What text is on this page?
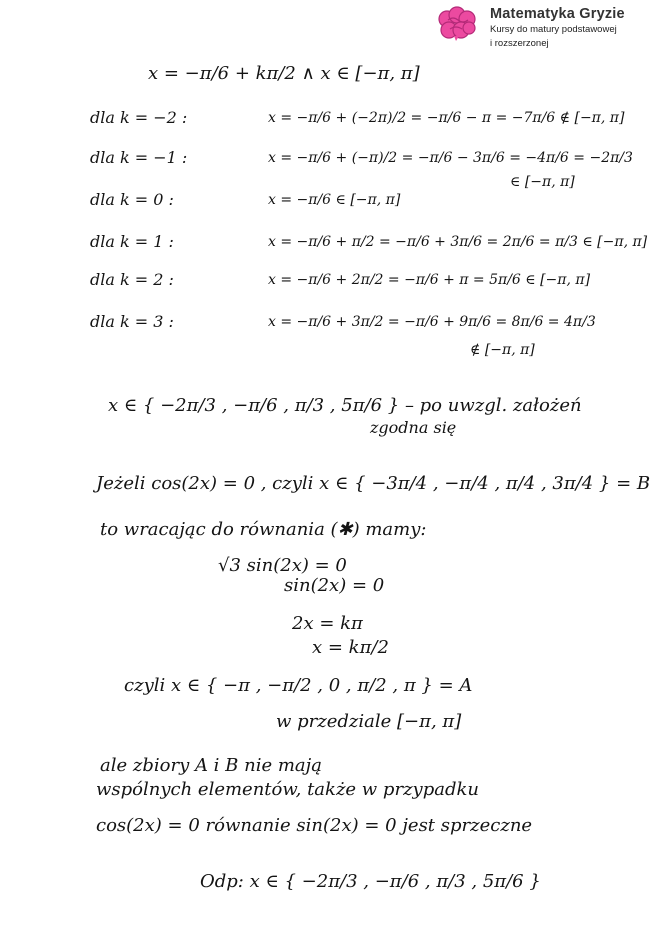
Matematyka Gryzie
Kursy do matury podstawowej
i rozszerzonej

x = −π/6 + kπ/2 ∧ x ∈ [−π, π]

dla k = −2 :	x = −π/6 + (−2π)/2 = −π/6 − π = −7π/6 ∉ [−π, π]

dla k = −1 :	x = −π/6 + (−π)/2 = −π/6 − 3π/6 = −4π/6 = −2π/3

∈ [−π, π]

dla k = 0 :	x = −π/6 ∈ [−π, π]

dla k = 1 :	x = −π/6 + π/2 = −π/6 + 3π/6 = 2π/6 = π/3 ∈ [−π, π]

dla k = 2 :	x = −π/6 + 2π/2 = −π/6 + π = 5π/6 ∈ [−π, π]

dla k = 3 :	x = −π/6 + 3π/2 = −π/6 + 9π/6 = 8π/6 = 4π/3

∉ [−π, π]

x ∈ { −2π/3 , −π/6 , π/3 , 5π/6 } – po uwzgl. założeń

zgodna się

Jeżeli cos(2x) = 0 , czyli x ∈ { −3π/4 , −π/4 , π/4 , 3π/4 } = B

to wracając do równania (✱) mamy:

√3 sin(2x) = 0

sin(2x) = 0

2x = kπ

x = kπ/2

czyli x ∈ { −π , −π/2 , 0 , π/2 , π } = A

w przedziale [−π, π]

ale zbiory A i B nie mają

wspólnych elementów, także w przypadku

cos(2x) = 0 równanie sin(2x) = 0 jest sprzeczne

Odp: x ∈ { −2π/3 , −π/6 , π/3 , 5π/6 }
